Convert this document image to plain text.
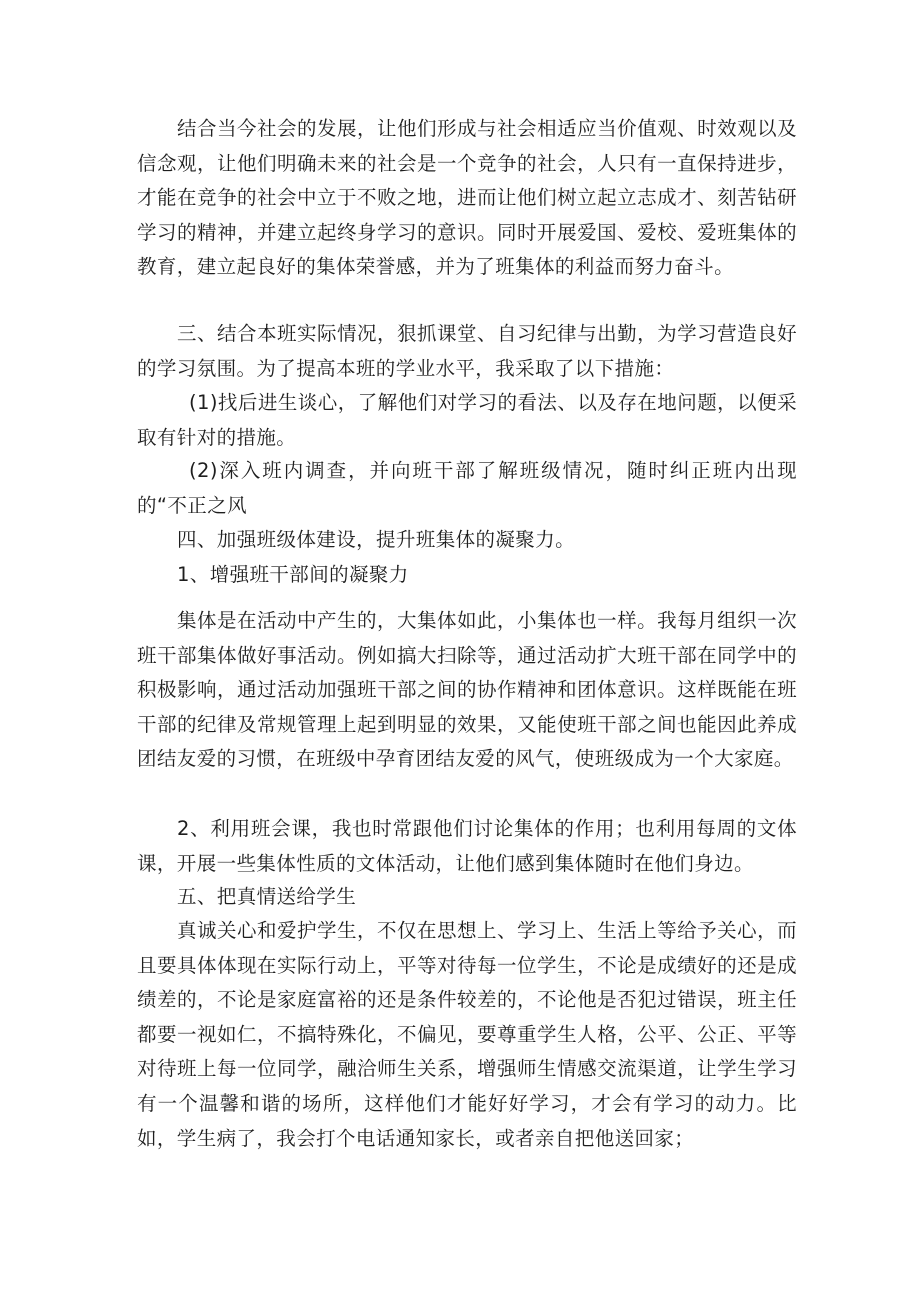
结合当今社会的发展，让他们形成与社会相适应当价值观、时效观以及信念观，让他们明确未来的社会是一个竞争的社会，人只有一直保持进步，才能在竞争的社会中立于不败之地，进而让他们树立起立志成才、刻苦钻研学习的精神，并建立起终身学习的意识。同时开展爱国、爱校、爱班集体的教育，建立起良好的集体荣誉感，并为了班集体的利益而努力奋斗。

三、结合本班实际情况，狠抓课堂、自习纪律与出勤，为学习营造良好的学习氛围。为了提高本班的学业水平，我采取了以下措施：

(1)找后进生谈心，了解他们对学习的看法、以及存在地问题，以便采取有针对的措施。

(2)深入班内调查，并向班干部了解班级情况，随时纠正班内出现的“不正之风

四、加强班级体建设，提升班集体的凝聚力。

1、增强班干部间的凝聚力

集体是在活动中产生的，大集体如此，小集体也一样。我每月组织一次班干部集体做好事活动。例如搞大扫除等，通过活动扩大班干部在同学中的积极影响，通过活动加强班干部之间的协作精神和团体意识。这样既能在班干部的纪律及常规管理上起到明显的效果，又能使班干部之间也能因此养成团结友爱的习惯，在班级中孕育团结友爱的风气，使班级成为一个大家庭。

2、利用班会课，我也时常跟他们讨论集体的作用；也利用每周的文体课，开展一些集体性质的文体活动，让他们感到集体随时在他们身边。

五、把真情送给学生

真诚关心和爱护学生，不仅在思想上、学习上、生活上等给予关心，而且要具体体现在实际行动上，平等对待每一位学生，不论是成绩好的还是成绩差的，不论是家庭富裕的还是条件较差的，不论他是否犯过错误，班主任都要一视如仁，不搞特殊化，不偏见，要尊重学生人格，公平、公正、平等对待班上每一位同学，融洽师生关系，增强师生情感交流渠道，让学生学习有一个温馨和谐的场所，这样他们才能好好学习，才会有学习的动力。比如，学生病了，我会打个电话通知家长，或者亲自把他送回家；
